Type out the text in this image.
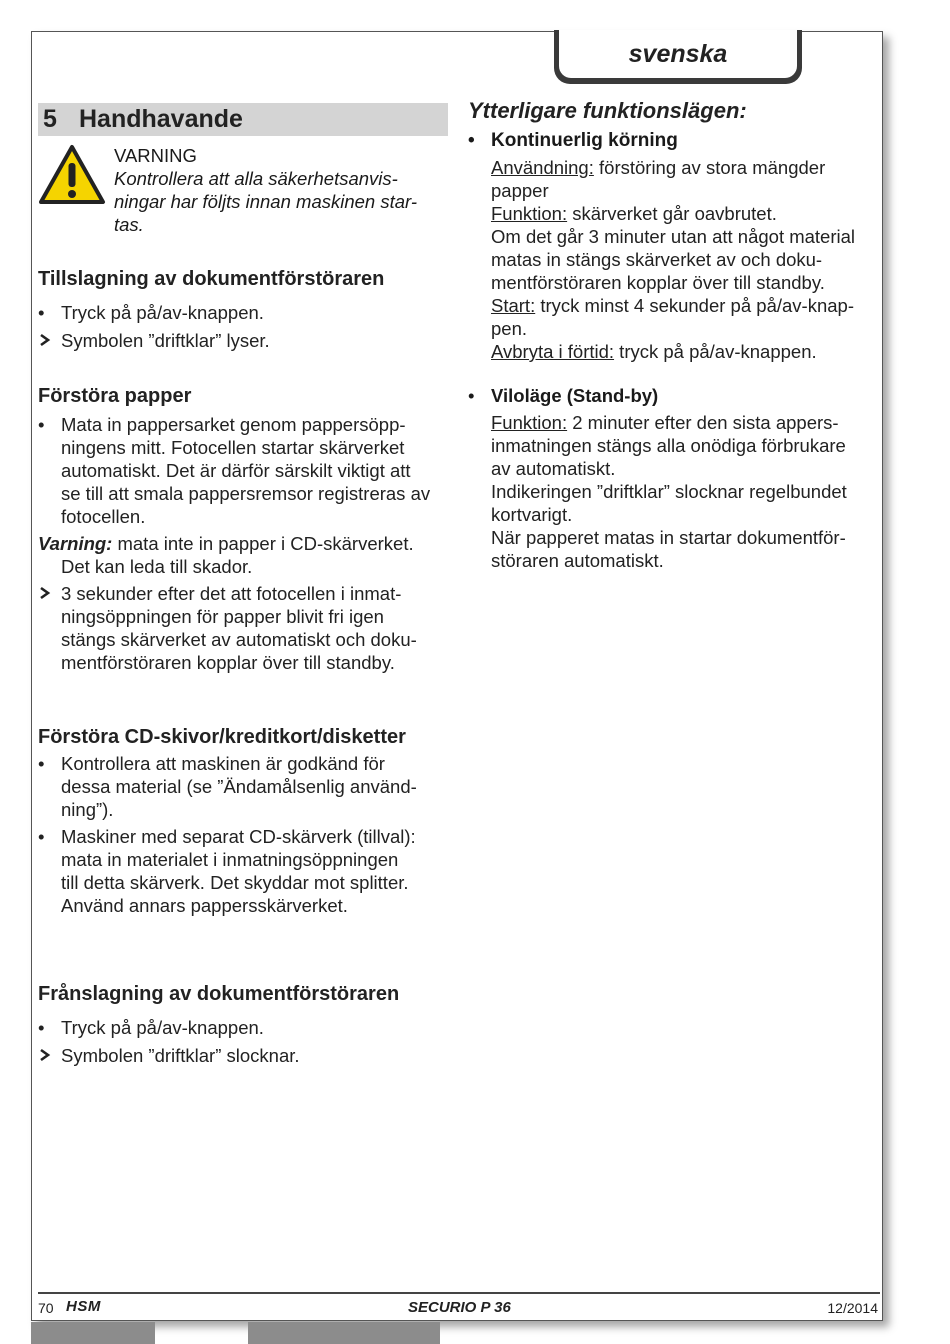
svenska
5 Handhavande
VARNING
Kontrollera att alla säkerhetsanvis-
ningar har följts innan maskinen star-
tas.
Tillslagning av dokumentförstöraren
•
Tryck på på/av-knappen.
Symbolen ”driftklar” lyser.
Förstöra papper
•
Mata in pappersarket genom pappersöpp-
ningens mitt. Fotocellen startar skärverket
automatiskt. Det är därför särskilt viktigt att
se till att smala pappersremsor registreras av
fotocellen.
Varning: mata inte in papper i CD-skärverket.
Det kan leda till skador.
3 sekunder efter det att fotocellen i inmat-
ningsöppningen för papper blivit fri igen
stängs skärverket av automatiskt och doku-
mentförstöraren kopplar över till standby.
Förstöra CD-skivor/kreditkort/disketter
•
Kontrollera att maskinen är godkänd för
dessa material (se ”Ändamålsenlig använd-
ning”).
•
Maskiner med separat CD-skärverk (tillval):
mata in materialet i inmatningsöppningen
till detta skärverk. Det skyddar mot splitter.
Använd annars pappersskärverket.
Frånslagning av dokumentförstöraren
•
Tryck på på/av-knappen.
Symbolen ”driftklar” slocknar.
Ytterligare funktionslägen:
• Kontinuerlig körning
Användning: förstöring av stora mängder
papper
Funktion: skärverket går oavbrutet.
Om det går 3 minuter utan att något material
matas in stängs skärverket av och doku-
mentförstöraren kopplar över till standby.
Start: tryck minst 4 sekunder på på/av-knap-
pen.
Avbryta i förtid: tryck på på/av-knappen.
• Viloläge (Stand-by)
Funktion: 2 minuter efter den sista appers-
inmatningen stängs alla onödiga förbrukare
av automatiskt.
Indikeringen ”driftklar” slocknar regelbundet
kortvarigt.
När papperet matas in startar dokumentför-
störaren automatiskt.
70 HSM	SECURIO P 36	12/2014
